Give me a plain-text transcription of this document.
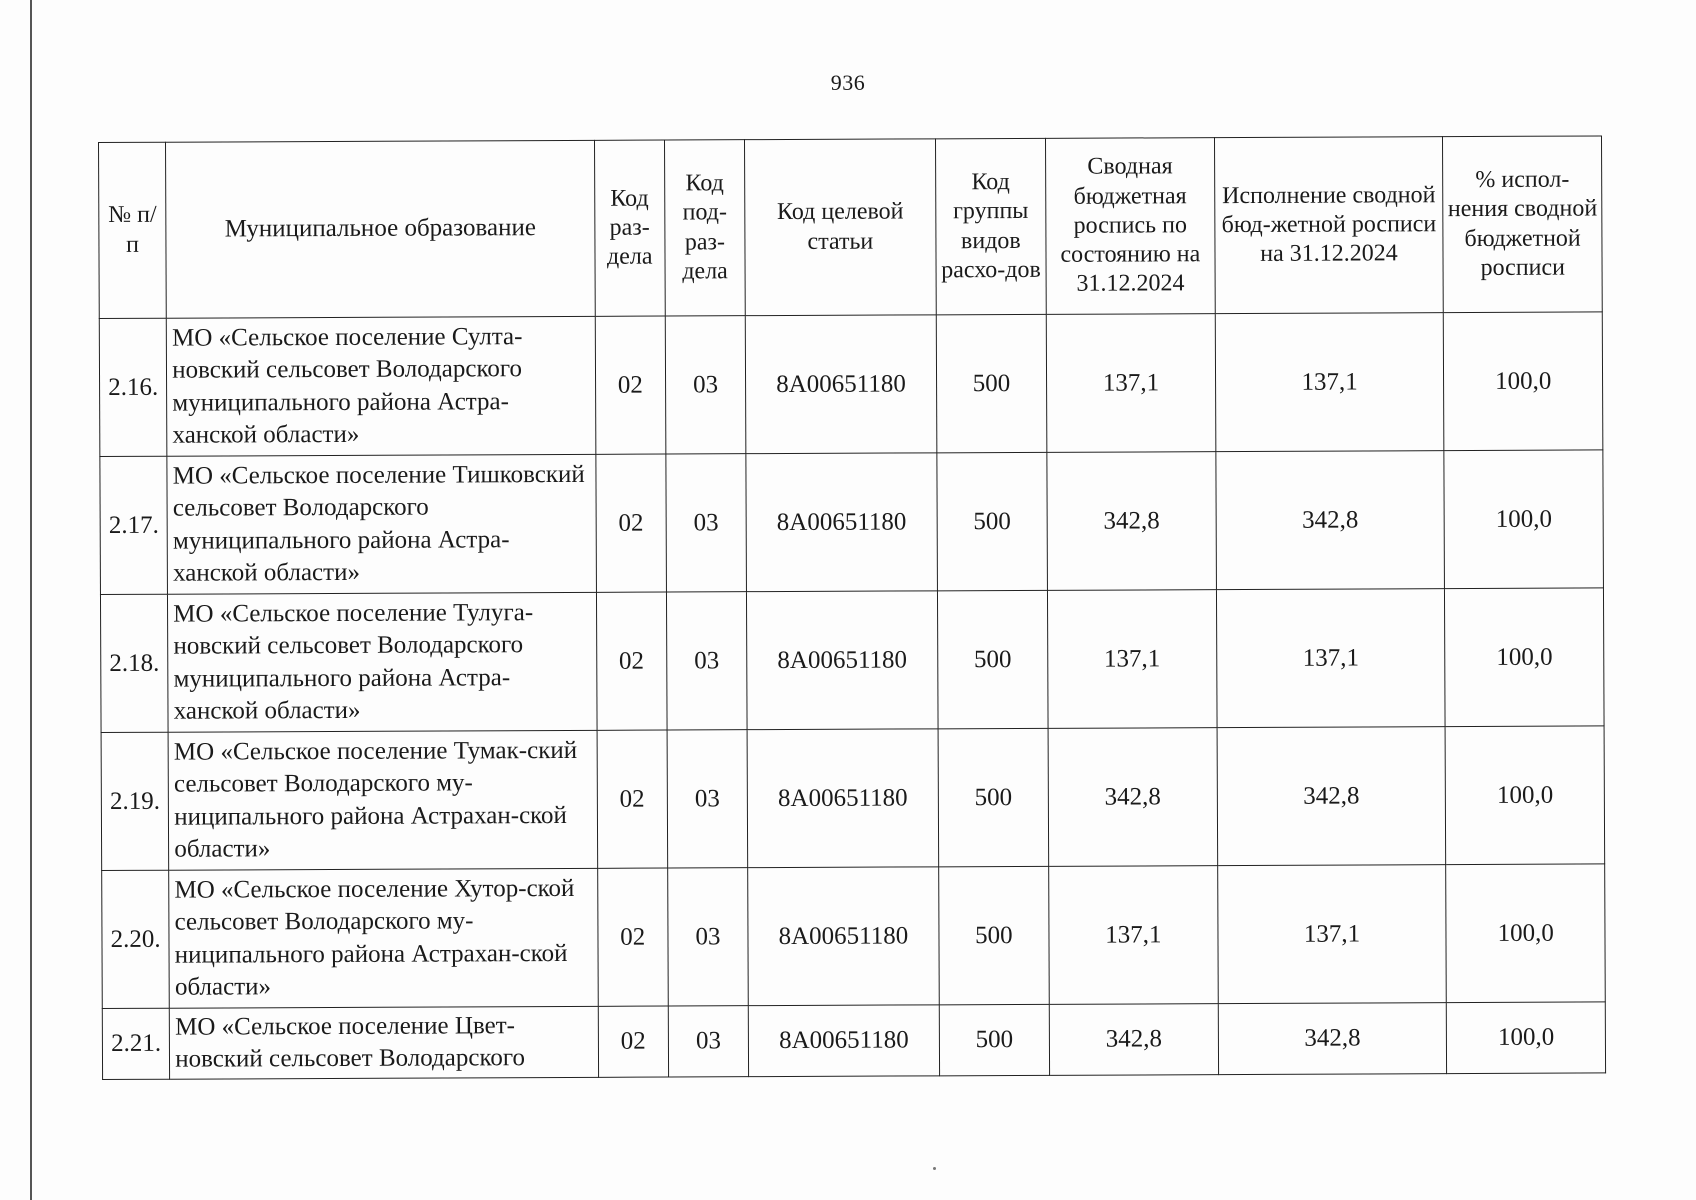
936
№ п/п	Муниципальное образование	Код раз-дела	Код под-раз-дела	Код целевой статьи	Код группы видов расхо-дов	Сводная бюджетная роспись по состоянию на 31.12.2024	Исполнение сводной бюд-жетной росписи на 31.12.2024	% испол-нения сводной бюджетной росписи
2.16.	МО «Сельское поселение Султа-новский сельсовет Володарского муниципального района Астра-ханской области»	02	03	8А00651180	500	137,1	137,1	100,0
2.17.	МО «Сельское поселение Тишковский сельсовет Володарского муниципального района Астра-ханской области»	02	03	8А00651180	500	342,8	342,8	100,0
2.18.	МО «Сельское поселение Тулуга-новский сельсовет Володарского муниципального района Астра-ханской области»	02	03	8А00651180	500	137,1	137,1	100,0
2.19.	МО «Сельское поселение Тумак-ский сельсовет Володарского му-ниципального района Астрахан-ской области»	02	03	8А00651180	500	342,8	342,8	100,0
2.20.	МО «Сельское поселение Хутор-ской сельсовет Володарского му-ниципального района Астрахан-ской области»	02	03	8А00651180	500	137,1	137,1	100,0
2.21.	МО «Сельское поселение Цвет-новский сельсовет Володарского	02	03	8А00651180	500	342,8	342,8	100,0
